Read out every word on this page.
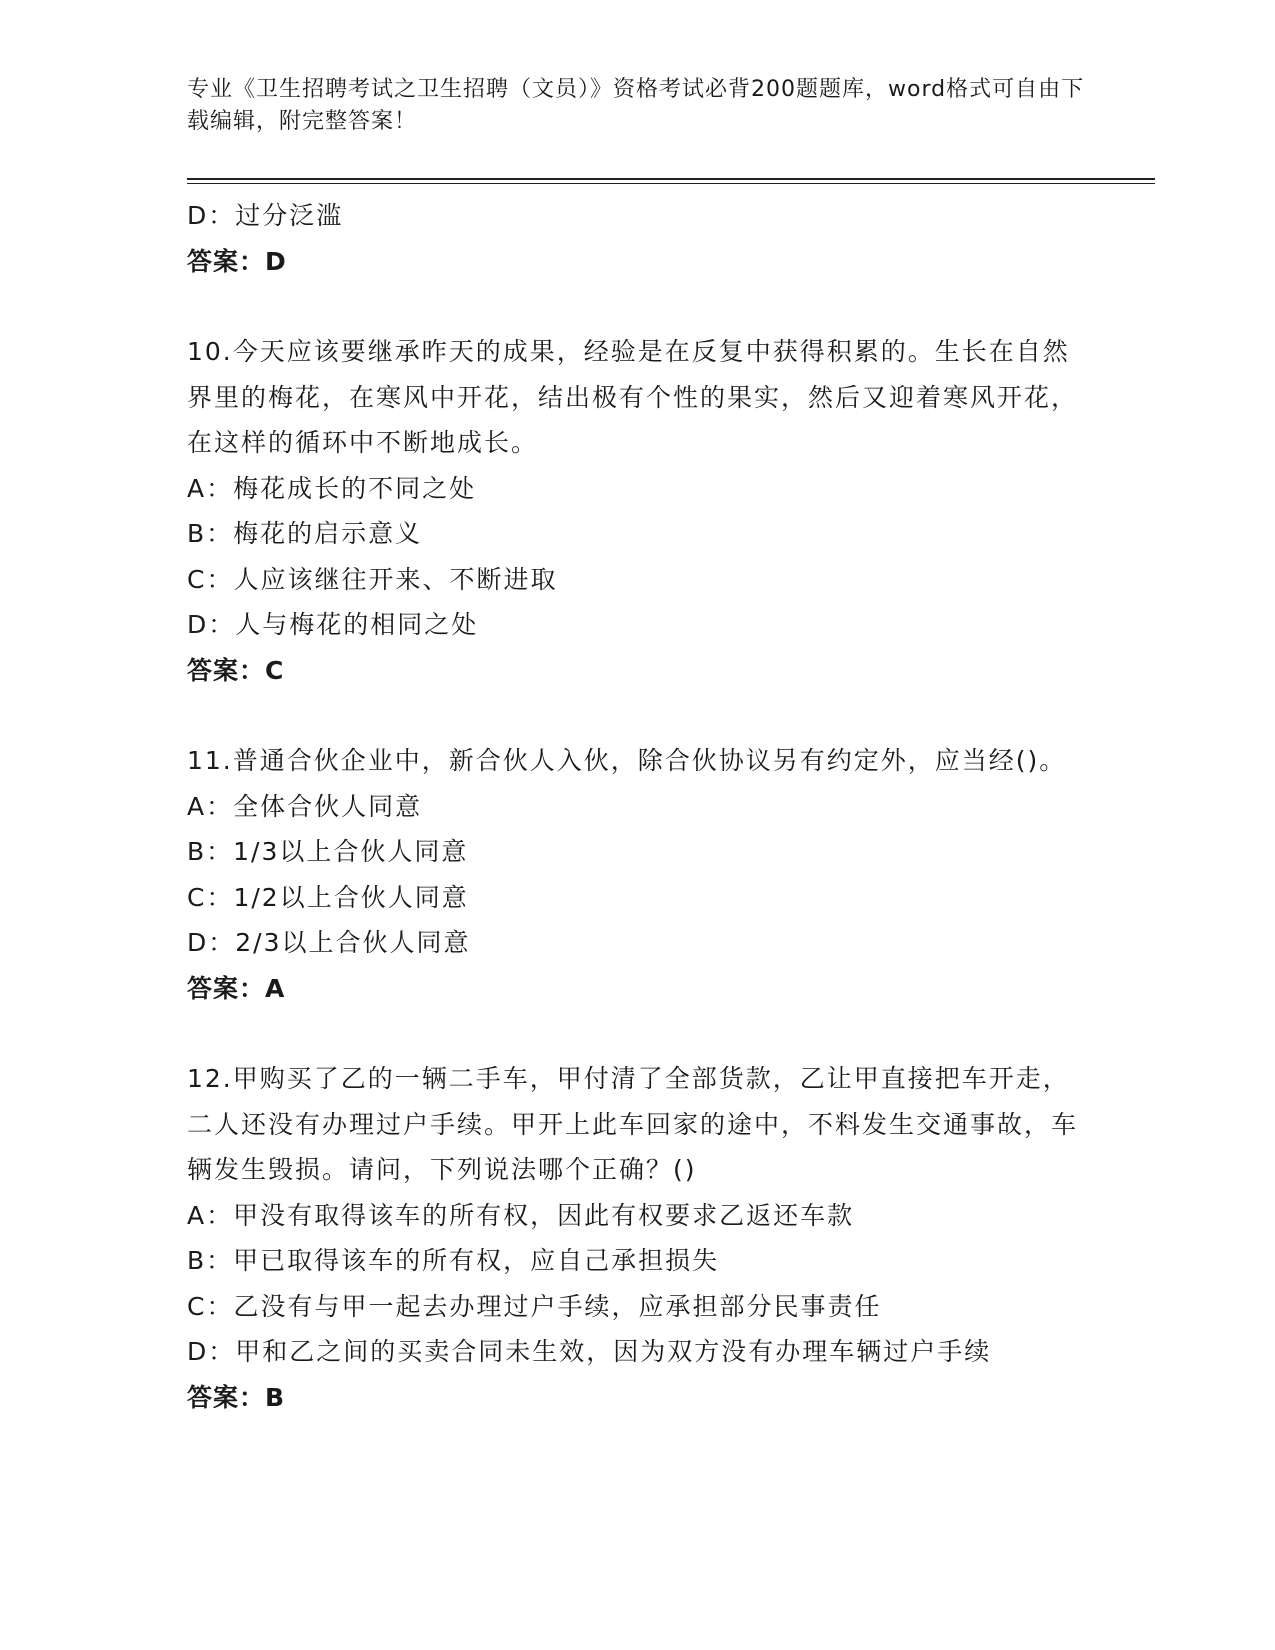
专业《卫生招聘考试之卫生招聘（文员）》资格考试必背200题题库，word格式可自由下载编辑，附完整答案！
D：过分泛滥
答案：D
10.今天应该要继承昨天的成果，经验是在反复中获得积累的。生长在自然界里的梅花，在寒风中开花，结出极有个性的果实，然后又迎着寒风开花，在这样的循环中不断地成长。
A：梅花成长的不同之处
B：梅花的启示意义
C：人应该继往开来、不断进取
D：人与梅花的相同之处
答案：C
11.普通合伙企业中，新合伙人入伙，除合伙协议另有约定外，应当经()。
A：全体合伙人同意
B：1/3以上合伙人同意
C：1/2以上合伙人同意
D：2/3以上合伙人同意
答案：A
12.甲购买了乙的一辆二手车，甲付清了全部货款，乙让甲直接把车开走，二人还没有办理过户手续。甲开上此车回家的途中，不料发生交通事故，车辆发生毁损。请问，下列说法哪个正确？()
A：甲没有取得该车的所有权，因此有权要求乙返还车款
B：甲已取得该车的所有权，应自己承担损失
C：乙没有与甲一起去办理过户手续，应承担部分民事责任
D：甲和乙之间的买卖合同未生效，因为双方没有办理车辆过户手续
答案：B
